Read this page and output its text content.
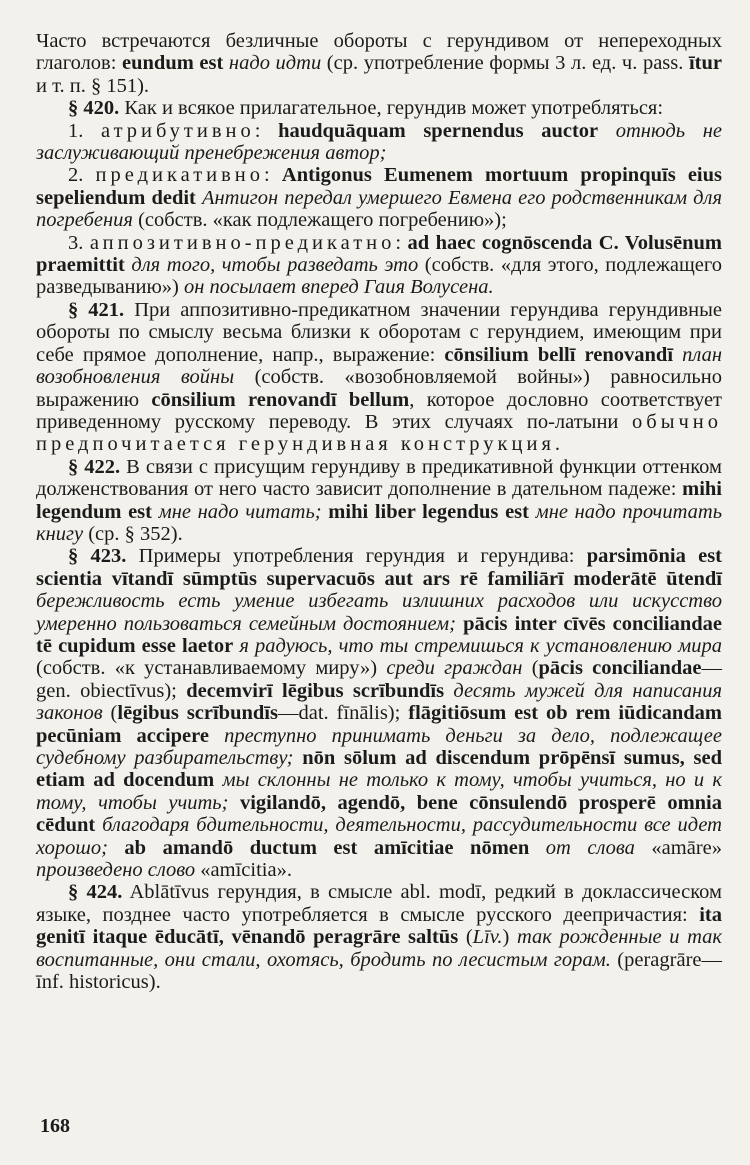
Часто встречаются безличные обороты с герундивом от непереходных глаголов: eundum est надо идти (ср. употребление формы 3 л. ед. ч. pass. ītur и т. п. § 151).

§ 420. Как и всякое прилагательное, герундив может употребляться:

1. атрибутивно: haudquāquam spernendus auctor отнюдь не заслуживающий пренебрежения автор;

2. предикативно: Antigonus Eumenem mortuum propinquīs eius sepeliendum dedit Антигон передал умершего Евмена его родственникам для погребения (собств. «как подлежащего погребению»);

3. аппозитивно-предикатно: ad haec cognōscenda C. Volusēnum praemittit для того, чтобы разведать это (собств. «для этого, подлежащего разведыванию») он посылает вперед Гаия Волусена.

§ 421. При аппозитивно-предикатном значении герундива герундивные обороты по смыслу весьма близки к оборотам с герундием, имеющим при себе прямое дополнение, напр., выражение: cōnsilium bellī renovandī план возобновления войны (собств. «возобновляемой войны») равносильно выражению cōnsilium renovandī bellum, которое дословно соответствует приведенному русскому переводу. В этих случаях по-латыни обычно предпочитается герундивная конструкция.

§ 422. В связи с присущим герундиву в предикативной функции оттенком долженствования от него часто зависит дополнение в дательном падеже: mihi legendum est мне надо читать; mihi liber legendus est мне надо прочитать книгу (ср. § 352).

§ 423. Примеры употребления герундия и герундива: parsimōnia est scientia vītandī sūmptūs supervacuōs aut ars rē familiārī moderātē ūtendī бережливость есть умение избегать излишних расходов или искусство умеренно пользоваться семейным достоянием; pācis inter cīvēs conciliandae tē cupidum esse laetor я радуюсь, что ты стремишься к установлению мира (собств. «к устанавливаемому миру») среди граждан (pācis conciliandae—gen. obiectīvus); decemvirī lēgibus scrībundīs десять мужей для написания законов (lēgibus scrībundīs—dat. fīnālis); flāgitiōsum est ob rem iūdicandam pecūniam accipere преступно принимать деньги за дело, подлежащее судебному разбирательству; nōn sōlum ad discendum prōpēnsī sumus, sed etiam ad docendum мы склонны не только к тому, чтобы учиться, но и к тому, чтобы учить; vigilandō, agendō, bene cōnsulendō prosperē omnia cēdunt благодаря бдительности, деятельности, рассудительности все идет хорошо; ab amandō ductum est amīcitiae nōmen от слова «amāre» произведено слово «amīcitia».

§ 424. Ablātīvus герундия, в смысле abl. modī, редкий в доклассическом языке, позднее часто употребляется в смысле русского деепричастия: ita genitī itaque ēducātī, vēnandō peragrāre saltūs (Līv.) так рожденные и так воспитанные, они стали, охотясь, бродить по лесистым горам. (peragrāre—īnf. historicus).

168
